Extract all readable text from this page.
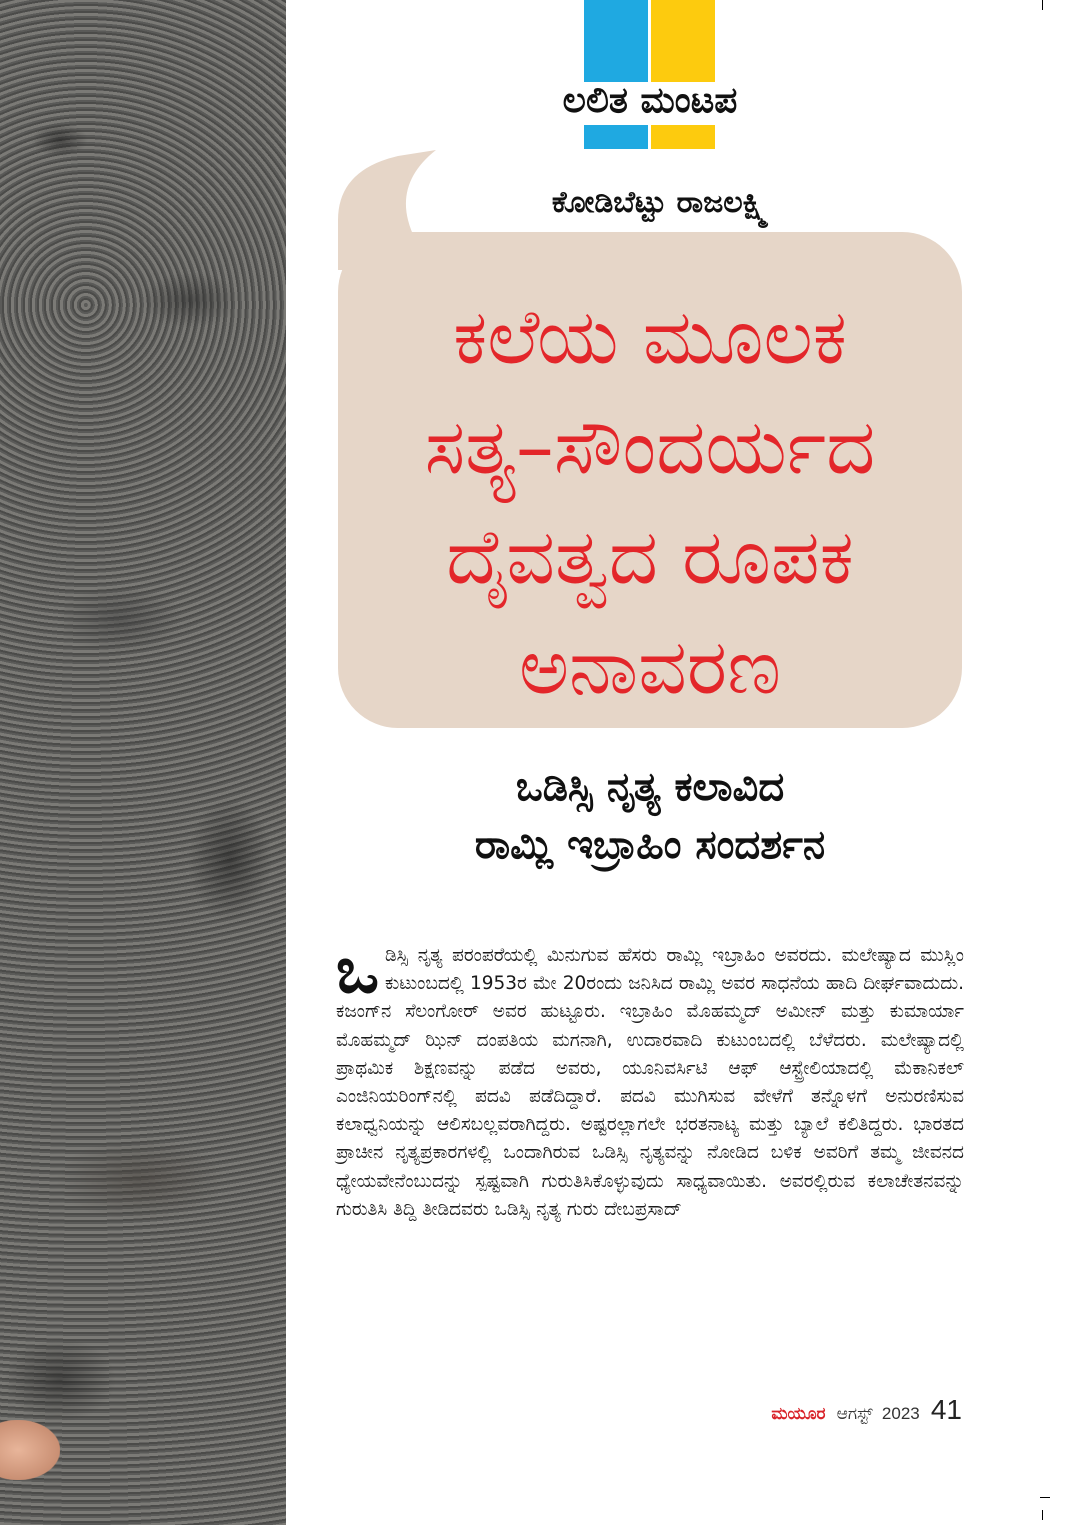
ಲಲಿತ ಮಂಟಪ
ಕೋಡಿಬೆಟ್ಟು ರಾಜಲಕ್ಷ್ಮಿ
ಕಲೆಯ ಮೂಲಕ
ಸತ್ಯ–ಸೌಂದರ್ಯದ
ದೈವತ್ವದ ರೂಪಕ
ಅನಾವರಣ
ಒಡಿಸ್ಸಿ ನೃತ್ಯ ಕಲಾವಿದ
ರಾಮ್ಲಿ ಇಬ್ರಾಹಿಂ ಸಂದರ್ಶನ
ಒ ಡಿಸ್ಸಿ ನೃತ್ಯ ಪರಂಪರೆಯಲ್ಲಿ ಮಿನುಗುವ ಹೆಸರು ರಾಮ್ಲಿ ಇಬ್ರಾಹಿಂ ಅವರದು. ಮಲೇಷ್ಯಾದ ಮುಸ್ಲಿಂ ಕುಟುಂಬದಲ್ಲಿ 1953ರ ಮೇ 20ರಂದು ಜನಿಸಿದ ರಾಮ್ಲಿ ಅವರ ಸಾಧನೆಯ ಹಾದಿ ದೀರ್ಘವಾದುದು. ಕಜಂಗ್‌ನ ಸೆಲಂಗೋರ್ ಅವರ ಹುಟ್ಟೂರು. ಇಬ್ರಾಹಿಂ ಮೊಹಮ್ಮದ್ ಅಮೀನ್ ಮತ್ತು ಕುಮಾರ್ಯಾ ಮೊಹಮ್ಮದ್ ಝಿನ್ ದಂಪತಿಯ ಮಗನಾಗಿ, ಉದಾರವಾದಿ ಕುಟುಂಬದಲ್ಲಿ ಬೆಳೆದರು. ಮಲೇಷ್ಯಾದಲ್ಲಿ ಪ್ರಾಥಮಿಕ ಶಿಕ್ಷಣವನ್ನು ಪಡೆದ ಅವರು, ಯೂನಿವರ್ಸಿಟಿ ಆಫ್ ಆಸ್ಟ್ರೇಲಿಯಾದಲ್ಲಿ ಮೆಕಾನಿಕಲ್ ಎಂಜಿನಿಯರಿಂಗ್‌ನಲ್ಲಿ ಪದವಿ ಪಡೆದಿದ್ದಾರೆ. ಪದವಿ ಮುಗಿಸುವ ವೇಳೆಗೆ ತನ್ನೊಳಗೆ ಅನುರಣಿಸುವ ಕಲಾಧ್ವನಿಯನ್ನು ಆಲಿಸಬಲ್ಲವರಾಗಿದ್ದರು. ಅಷ್ಟರಲ್ಲಾಗಲೇ ಭರತನಾಟ್ಯ ಮತ್ತು ಬ್ಯಾಲೆ ಕಲಿತಿದ್ದರು. ಭಾರತದ ಪ್ರಾಚೀನ ನೃತ್ಯಪ್ರಕಾರಗಳಲ್ಲಿ ಒಂದಾಗಿರುವ ಒಡಿಸ್ಸಿ ನೃತ್ಯವನ್ನು ನೋಡಿದ ಬಳಿಕ ಅವರಿಗೆ ತಮ್ಮ ಜೀವನದ ಧ್ಯೇಯವೇನೆಂಬುದನ್ನು ಸ್ಪಷ್ಟವಾಗಿ ಗುರುತಿಸಿಕೊಳ್ಳುವುದು ಸಾಧ್ಯವಾಯಿತು. ಅವರಲ್ಲಿರುವ ಕಲಾಚೇತನವನ್ನು ಗುರುತಿಸಿ ತಿದ್ದಿ ತೀಡಿದವರು ಒಡಿಸ್ಸಿ ನೃತ್ಯ ಗುರು ದೇಬಪ್ರಸಾದ್
ಮಯೂರ ಆಗಸ್ಟ್ 2023 41
